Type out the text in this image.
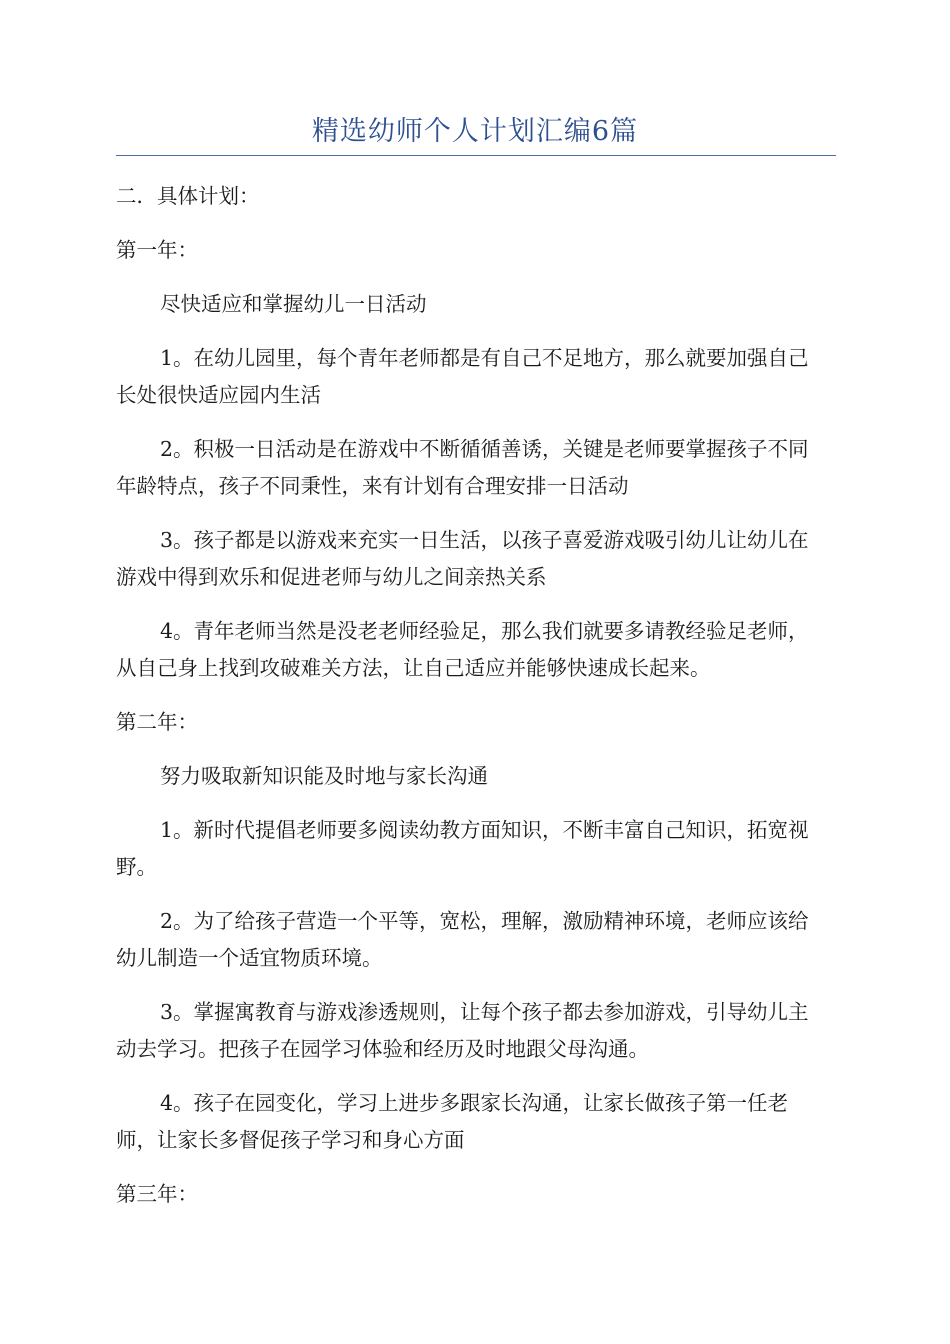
精选幼师个人计划汇编6篇

二．具体计划：

第一年：

尽快适应和掌握幼儿一日活动

1。在幼儿园里，每个青年老师都是有自己不足地方，那么就要加强自己长处很快适应园内生活

2。积极一日活动是在游戏中不断循循善诱，关键是老师要掌握孩子不同年龄特点，孩子不同秉性，来有计划有合理安排一日活动

3。孩子都是以游戏来充实一日生活，以孩子喜爱游戏吸引幼儿让幼儿在游戏中得到欢乐和促进老师与幼儿之间亲热关系

4。青年老师当然是没老老师经验足，那么我们就要多请教经验足老师，从自己身上找到攻破难关方法，让自己适应并能够快速成长起来。

第二年：

努力吸取新知识能及时地与家长沟通

1。新时代提倡老师要多阅读幼教方面知识，不断丰富自己知识，拓宽视野。

2。为了给孩子营造一个平等，宽松，理解，激励精神环境，老师应该给幼儿制造一个适宜物质环境。

3。掌握寓教育与游戏渗透规则，让每个孩子都去参加游戏，引导幼儿主动去学习。把孩子在园学习体验和经历及时地跟父母沟通。

4。孩子在园变化，学习上进步多跟家长沟通，让家长做孩子第一任老师，让家长多督促孩子学习和身心方面

第三年：
